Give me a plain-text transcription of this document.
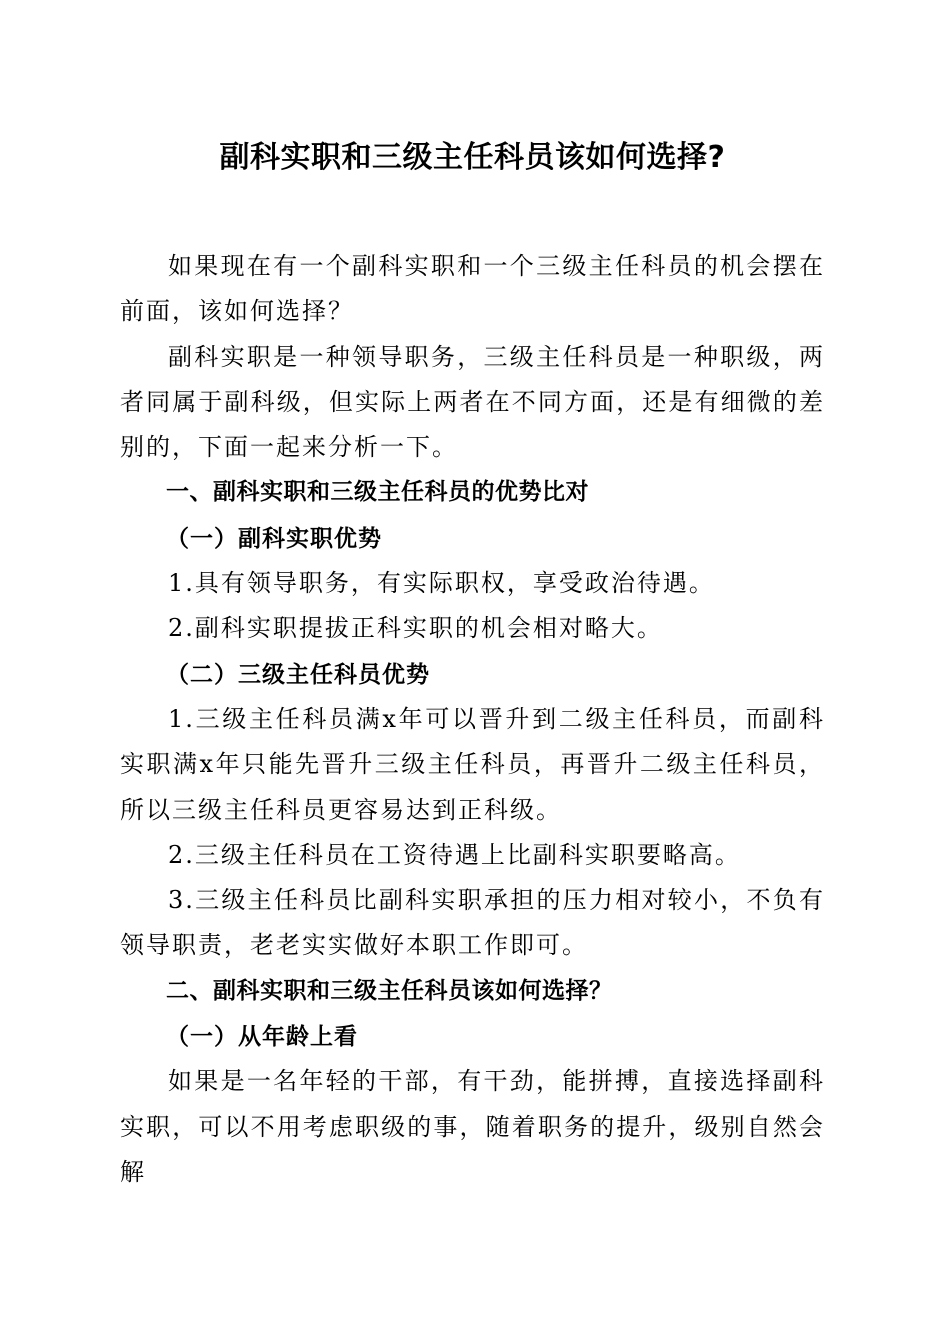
副科实职和三级主任科员该如何选择?

如果现在有一个副科实职和一个三级主任科员的机会摆在前面，该如何选择？

副科实职是一种领导职务，三级主任科员是一种职级，两者同属于副科级，但实际上两者在不同方面，还是有细微的差别的，下面一起来分析一下。

一、副科实职和三级主任科员的优势比对

（一）副科实职优势

1.具有领导职务，有实际职权，享受政治待遇。

2.副科实职提拔正科实职的机会相对略大。

（二）三级主任科员优势

1.三级主任科员满x年可以晋升到二级主任科员，而副科实职满x年只能先晋升三级主任科员，再晋升二级主任科员，所以三级主任科员更容易达到正科级。

2.三级主任科员在工资待遇上比副科实职要略高。

3.三级主任科员比副科实职承担的压力相对较小，不负有领导职责，老老实实做好本职工作即可。

二、副科实职和三级主任科员该如何选择？

（一）从年龄上看

如果是一名年轻的干部，有干劲，能拼搏，直接选择副科实职，可以不用考虑职级的事，随着职务的提升，级别自然会解
